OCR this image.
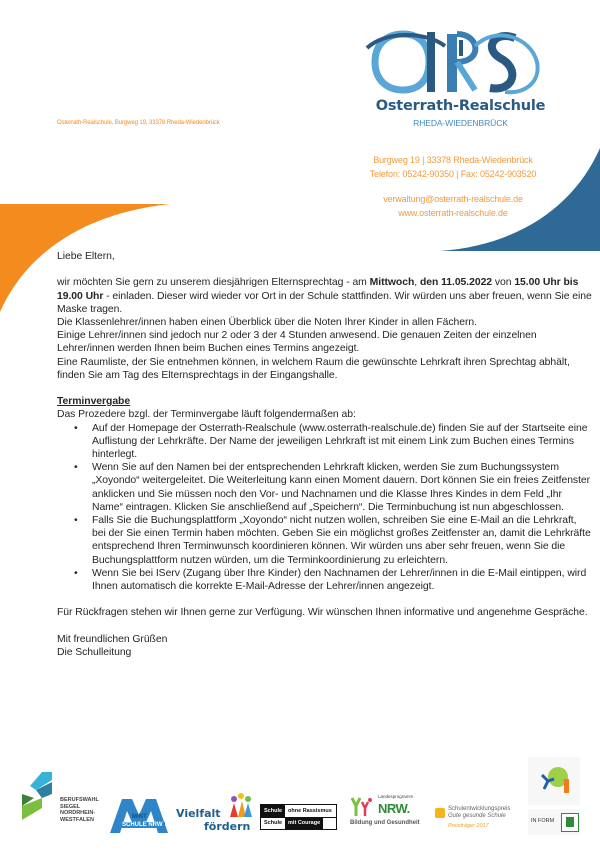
Osterrath-Realschule
RHEDA-WIEDENBRÜCK
Osterrath-Realschule, Burgweg 19, 33378 Rheda-Wiedenbrück
Burgweg 19 | 33378 Rheda-Wiedenbrück
Telefon: 05242-90350 | Fax: 05242-903520
verwaltung@osterrath-realschule.de
www.osterrath-realschule.de

Liebe Eltern,

wir möchten Sie gern zu unserem diesjährigen Elternsprechtag - am Mittwoch, den 11.05.2022 von 15.00 Uhr bis 19.00 Uhr - einladen. Dieser wird wieder vor Ort in der Schule stattfinden. Wir würden uns aber freuen, wenn Sie eine Maske tragen.

Die Klassenlehrer/innen haben einen Überblick über die Noten Ihrer Kinder in allen Fächern.

Einige Lehrer/innen sind jedoch nur 2 oder 3 der 4 Stunden anwesend. Die genauen Zeiten der einzelnen Lehrer/innen werden Ihnen beim Buchen eines Termins angezeigt.

Eine Raumliste, der Sie entnehmen können, in welchem Raum die gewünschte Lehrkraft ihren Sprechtag abhält, finden Sie am Tag des Elternsprechtags in der Eingangshalle.

Terminvergabe

Das Prozedere bzgl. der Terminvergabe läuft folgendermaßen ab:

• Auf der Homepage der Osterrath-Realschule (www.osterrath-realschule.de) finden Sie auf der Startseite eine Auflistung der Lehrkräfte. Der Name der jeweiligen Lehrkraft ist mit einem Link zum Buchen eines Termins hinterlegt.
• Wenn Sie auf den Namen bei der entsprechenden Lehrkraft klicken, werden Sie zum Buchungssystem „Xoyondo“ weitergeleitet. Die Weiterleitung kann einen Moment dauern. Dort können Sie ein freies Zeitfenster anklicken und Sie müssen noch den Vor- und Nachnamen und die Klasse Ihres Kindes in dem Feld „Ihr Name“ eintragen. Klicken Sie anschließend auf „Speichern“. Die Terminbuchung ist nun abgeschlossen.
• Falls Sie die Buchungsplattform „Xoyondo“ nicht nutzen wollen, schreiben Sie eine E-Mail an die Lehrkraft, bei der Sie einen Termin haben möchten. Geben Sie ein möglichst großes Zeitfenster an, damit die Lehrkräfte entsprechend Ihren Terminwunsch koordinieren können. Wir würden uns aber sehr freuen, wenn Sie die Buchungsplattform nutzen würden, um die Terminkoordinierung zu erleichtern.
• Wenn Sie bei IServ (Zugang über Ihre Kinder) den Nachnamen der Lehrer/innen in die E-Mail eintippen, wird Ihnen automatisch die korrekte E-Mail-Adresse der Lehrer/innen angezeigt.

Für Rückfragen stehen wir Ihnen gerne zur Verfügung. Wir wünschen Ihnen informative und angenehme Gespräche.

Mit freundlichen Grüßen

Die Schulleitung

BERUFSWAHL
SIEGEL
NORDRHEIN-
WESTFALEN	MINT
SCHULE NRW
Vielfalt
fördern
Schule	ohne Rassismus
Schule	mit Courage
Landesprogramm
NRW.
Bildung und Gesundheit
Schulentwicklungspreis
Gute gesunde Schule
Preisträger 2017
IN FORM
